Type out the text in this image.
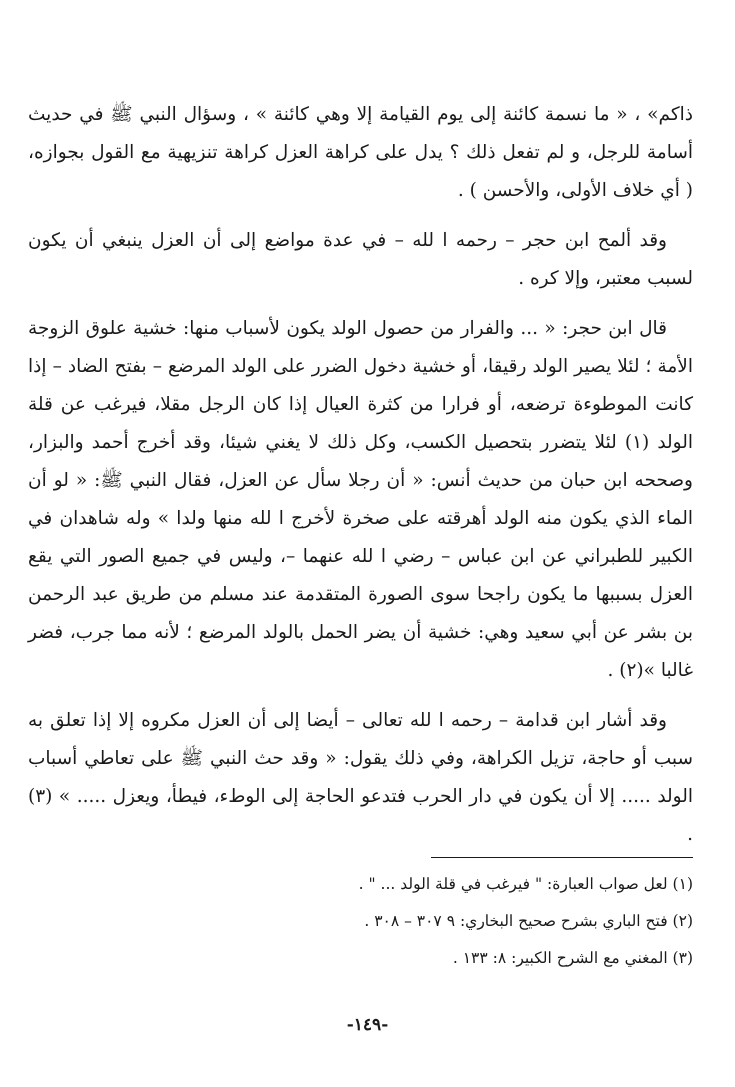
ذاكم» ، « ما نسمة كائنة إلى يوم القيامة إلا وهي كائنة » ، وسؤال النبي ﷺ في حديث أسامة للرجل، و لم تفعل ذلك ؟ يدل على كراهة العزل كراهة تنزيهية مع القول بجوازه، ( أي خلاف الأولى، والأحسن ) .

وقد ألمح ابن حجر – رحمه ا لله – في عدة مواضع إلى أن العزل ينبغي أن يكون لسبب معتبر، وإلا كره .

قال ابن حجر: « ... والفرار من حصول الولد يكون لأسباب منها: خشية علوق الزوجة الأمة ؛ لئلا يصير الولد رقيقا، أو خشية دخول الضرر على الولد المرضع – بفتح الضاد – إذا كانت الموطوءة ترضعه، أو فرارا من كثرة العيال إذا كان الرجل مقلا، فيرغب عن قلة الولد (١) لئلا يتضرر بتحصيل الكسب، وكل ذلك لا يغني شيئا، وقد أخرج أحمد والبزار، وصححه ابن حبان من حديث أنس: « أن رجلا سأل عن العزل، فقال النبي ﷺ: « لو أن الماء الذي يكون منه الولد أهرقته على صخرة لأخرج ا لله منها ولدا » وله شاهدان في الكبير للطبراني عن ابن عباس – رضي ا لله عنهما –، وليس في جميع الصور التي يقع العزل بسببها ما يكون راجحا سوى الصورة المتقدمة عند مسلم من طريق عبد الرحمن بن بشر عن أبي سعيد وهي: خشية أن يضر الحمل بالولد المرضع ؛ لأنه مما جرب، فضر غالبا »(٢) .

وقد أشار ابن قدامة – رحمه ا لله تعالى – أيضا إلى أن العزل مكروه إلا إذا تعلق به سبب أو حاجة، تزيل الكراهة، وفي ذلك يقول: « وقد حث النبي ﷺ على تعاطي أسباب الولد ..... إلا أن يكون في دار الحرب فتدعو الحاجة إلى الوطء، فيطأ، ويعزل ..... » (٣) .

(١) لعل صواب العبارة: " فيرغب في قلة الولد ... " .

(٢) فتح الباري بشرح صحيح البخاري: ٩ ٣٠٧ – ٣٠٨ .

(٣) المغني مع الشرح الكبير: ٨: ١٣٣ .

-١٤٩-
